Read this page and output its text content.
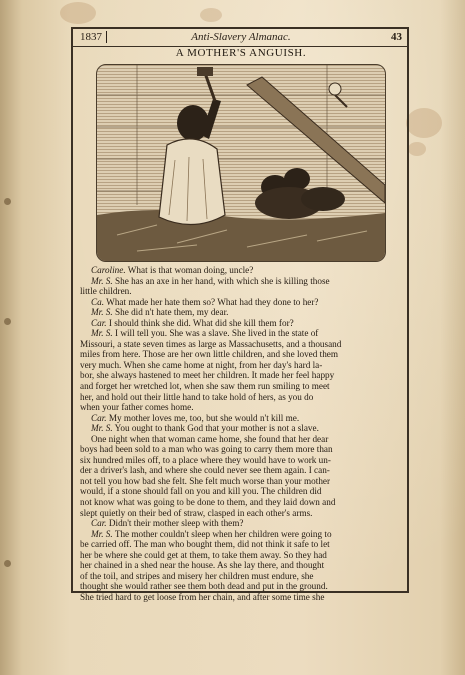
1837	Anti-Slavery Almanac.	43
A MOTHER'S ANGUISH.
Caroline. What is that woman doing, uncle?
Mr. S. She has an axe in her hand, with which she is killing those
little children.
Ca. What made her hate them so? What had they done to her?
Mr. S. She did n't hate them, my dear.
Car. I should think she did. What did she kill them for?
Mr. S. I will tell you. She was a slave. She lived in the state of
Missouri, a state seven times as large as Massachusetts, and a thousand
miles from here. Those are her own little children, and she loved them
very much. When she came home at night, from her day's hard la-
bor, she always hastened to meet her children. It made her feel happy
and forget her wretched lot, when she saw them run smiling to meet
her, and hold out their little hand to take hold of hers, as you do
when your father comes home.
Car. My mother loves me, too, but she would n't kill me.
Mr. S. You ought to thank God that your mother is not a slave.
One night when that woman came home, she found that her dear
boys had been sold to a man who was going to carry them more than
six hundred miles off, to a place where they would have to work un-
der a driver's lash, and where she could never see them again. I can-
not tell you how bad she felt. She felt much worse than your mother
would, if a stone should fall on you and kill you. The children did
not know what was going to be done to them, and they laid down and
slept quietly on their bed of straw, clasped in each other's arms.
Car. Didn't their mother sleep with them?
Mr. S. The mother couldn't sleep when her children were going to
be carried off. The man who bought them, did not think it safe to let
her be where she could get at them, to take them away. So they had
her chained in a shed near the house. As she lay there, and thought
of the toil, and stripes and misery her children must endure, she
thought she would rather see them both dead and put in the ground.
She tried hard to get loose from her chain, and after some time she
